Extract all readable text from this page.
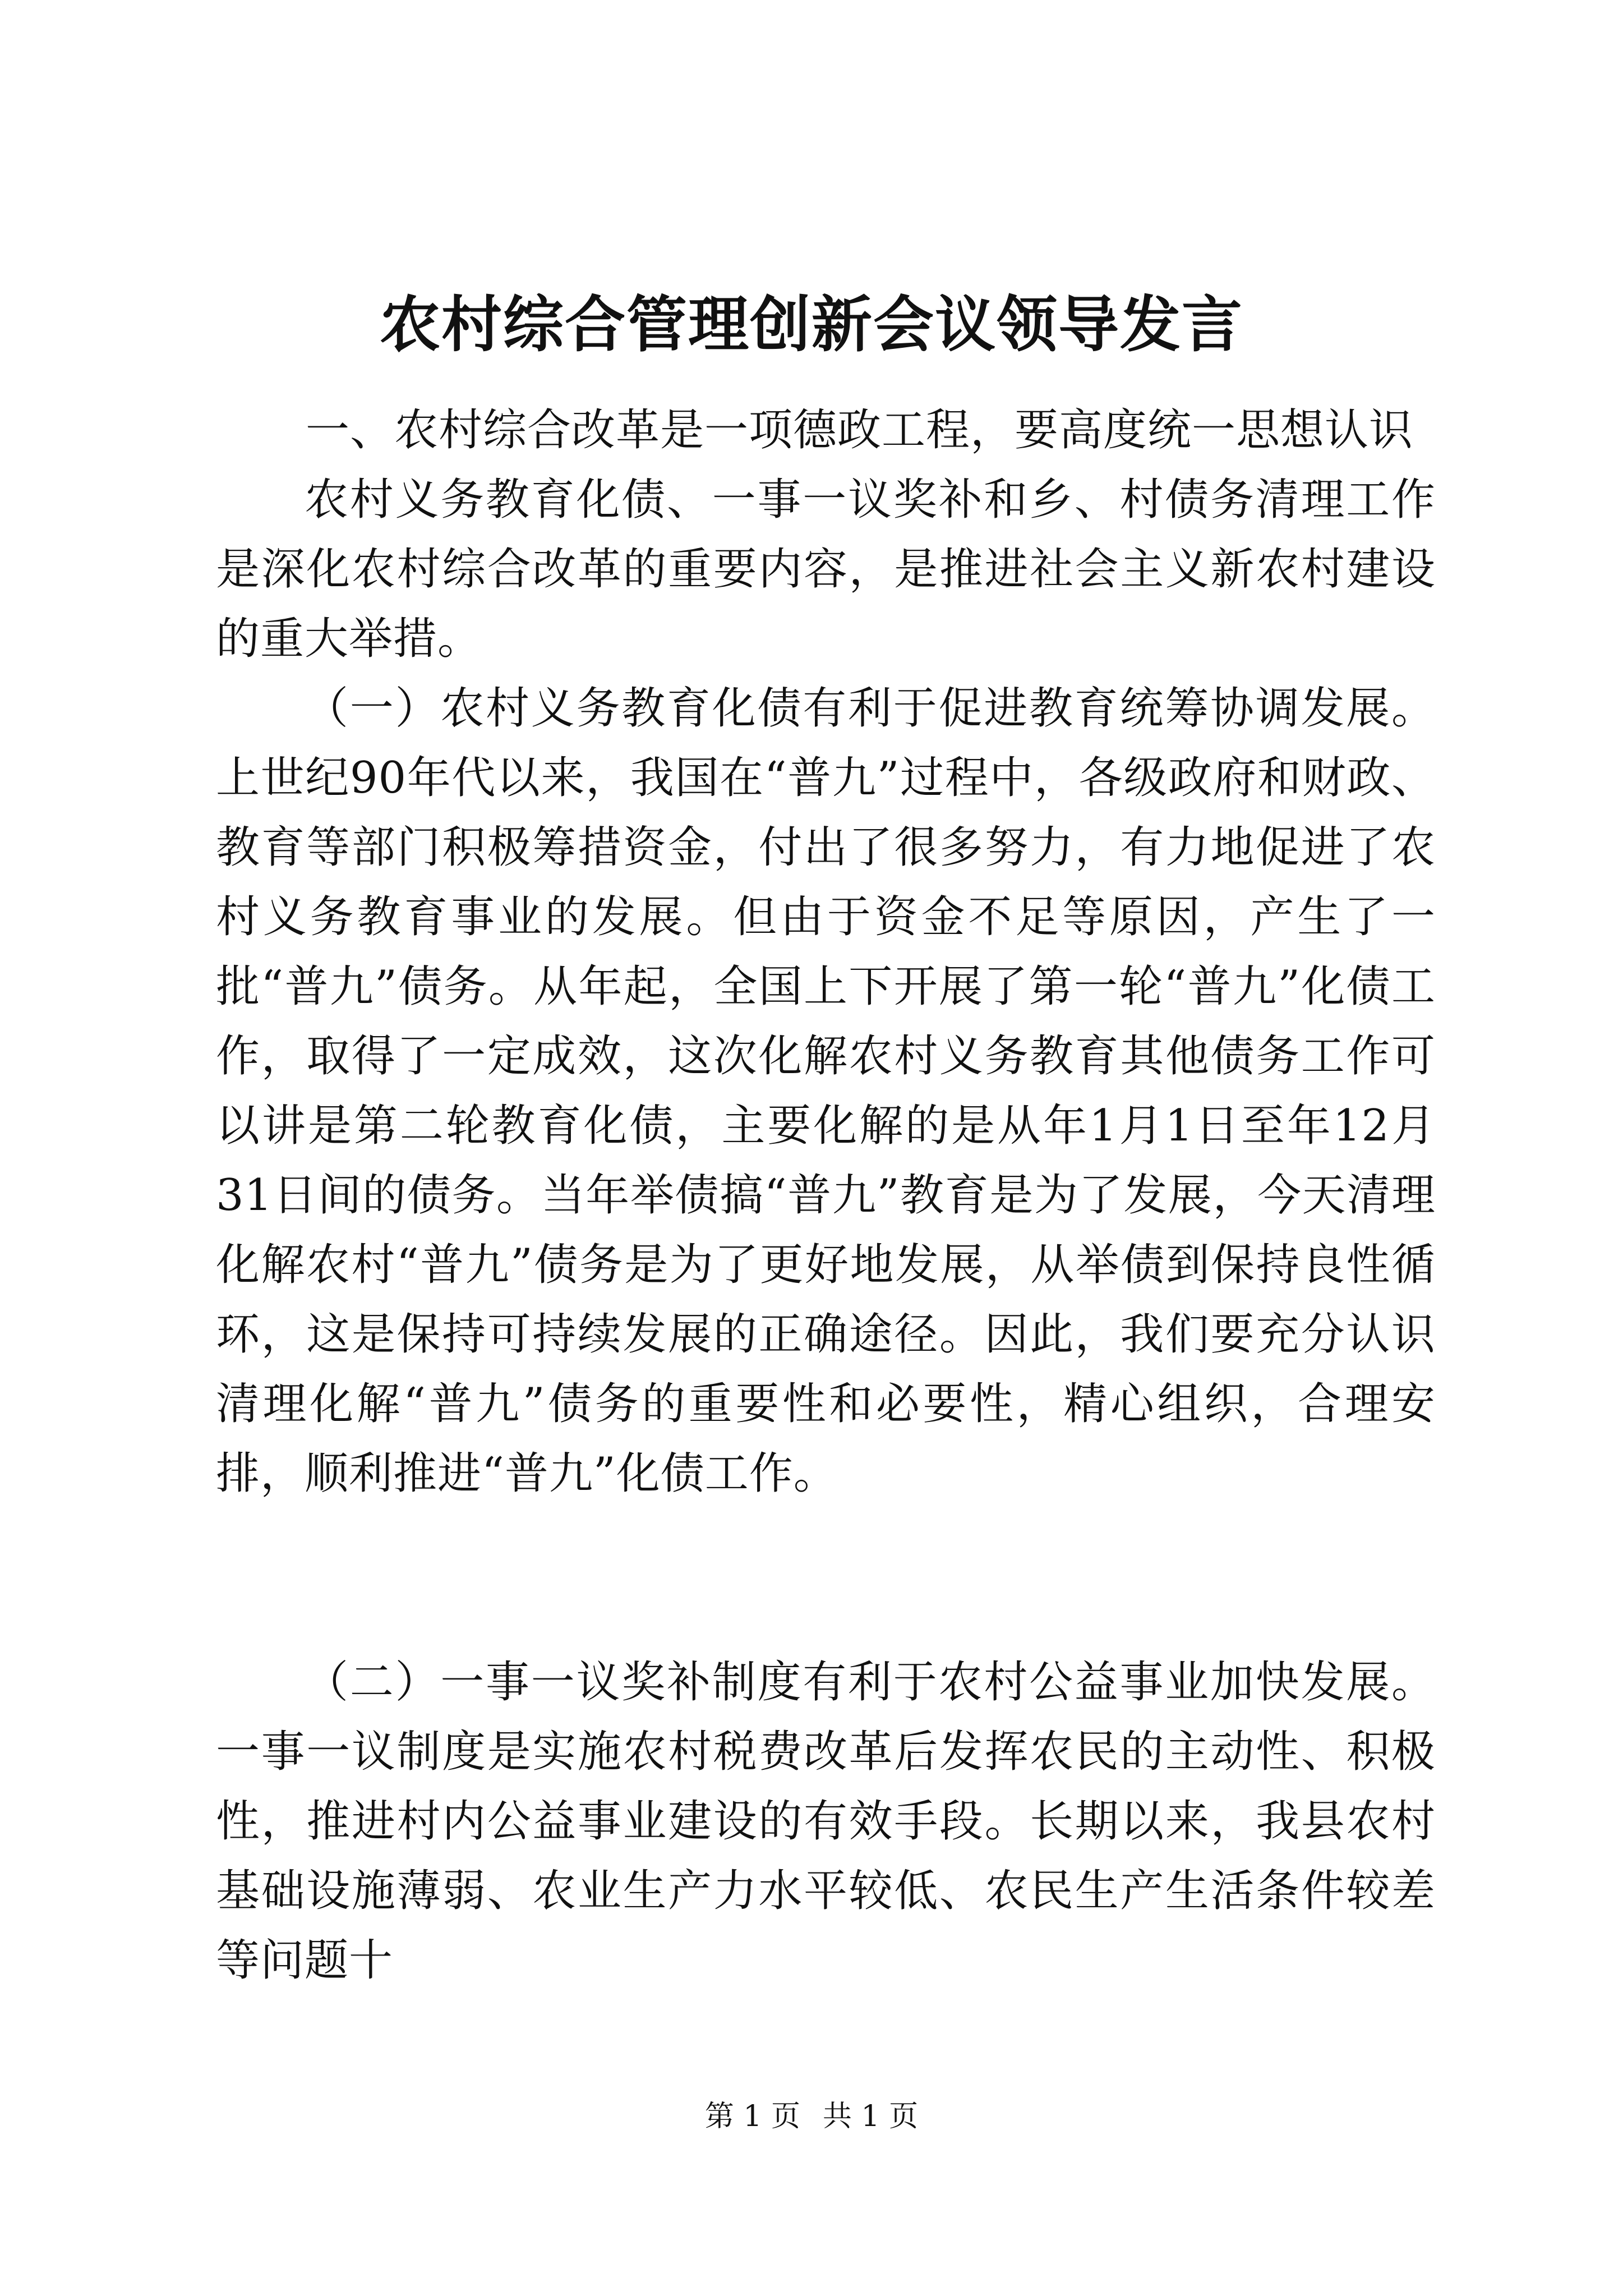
农村综合管理创新会议领导发言
一、农村综合改革是一项德政工程，要高度统一思想认识

农村义务教育化债、一事一议奖补和乡、村债务清理工作是深化农村综合改革的重要内容，是推进社会主义新农村建设的重大举措。

（一）农村义务教育化债有利于促进教育统筹协调发展。上世纪90年代以来，我国在“普九”过程中，各级政府和财政、教育等部门积极筹措资金，付出了很多努力，有力地促进了农村义务教育事业的发展。但由于资金不足等原因，产生了一批“普九”债务。从年起，全国上下开展了第一轮“普九”化债工作，取得了一定成效，这次化解农村义务教育其他债务工作可以讲是第二轮教育化债，主要化解的是从年1月1日至年12月31日间的债务。当年举债搞“普九”教育是为了发展，今天清理化解农村“普九”债务是为了更好地发展，从举债到保持良性循环，这是保持可持续发展的正确途径。因此，我们要充分认识清理化解“普九”债务的重要性和必要性，精心组织，合理安排，顺利推进“普九”化债工作。

（二）一事一议奖补制度有利于农村公益事业加快发展。一事一议制度是实施农村税费改革后发挥农民的主动性、积极性，推进村内公益事业建设的有效手段。长期以来，我县农村基础设施薄弱、农业生产力水平较低、农民生产生活条件较差等问题十

第 1 页 共 1 页
